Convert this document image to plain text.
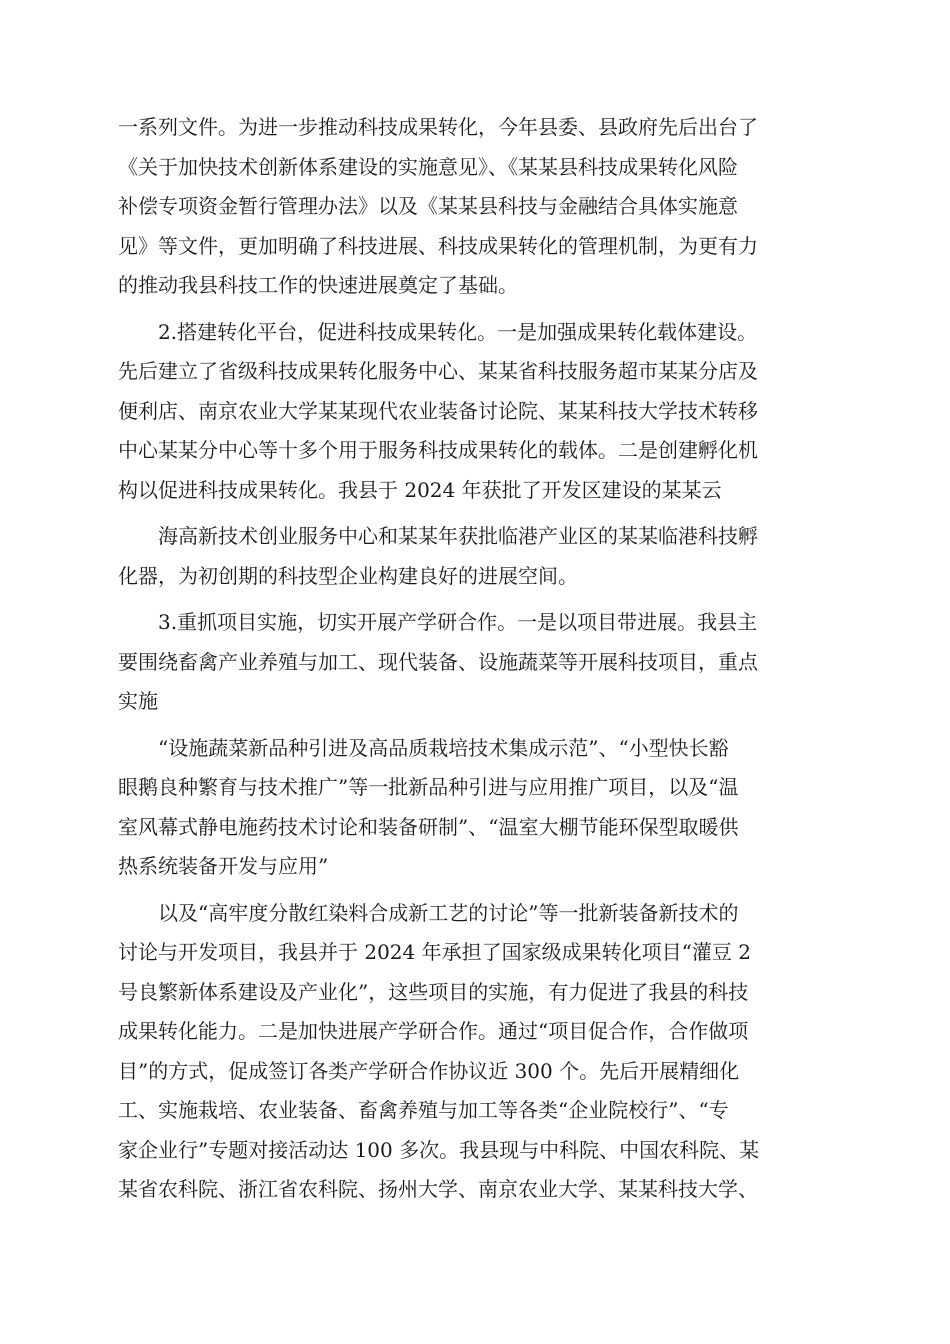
一系列文件。为进一步推动科技成果转化，今年县委、县政府先后出台了
《关于加快技术创新体系建设的实施意见》、《某某县科技成果转化风险
补偿专项资金暂行管理办法》以及《某某县科技与金融结合具体实施意
见》等文件，更加明确了科技进展、科技成果转化的管理机制，为更有力
的推动我县科技工作的快速进展奠定了基础。

2.搭建转化平台，促进科技成果转化。一是加强成果转化载体建设。
先后建立了省级科技成果转化服务中心、某某省科技服务超市某某分店及
便利店、南京农业大学某某现代农业装备讨论院、某某科技大学技术转移
中心某某分中心等十多个用于服务科技成果转化的载体。二是创建孵化机
构以促进科技成果转化。我县于 2024 年获批了开发区建设的某某云

海高新技术创业服务中心和某某年获批临港产业区的某某临港科技孵
化器，为初创期的科技型企业构建良好的进展空间。

3.重抓项目实施，切实开展产学研合作。一是以项目带进展。我县主
要围绕畜禽产业养殖与加工、现代装备、设施蔬菜等开展科技项目，重点
实施

“设施蔬菜新品种引进及高品质栽培技术集成示范”、“小型快长豁
眼鹅良种繁育与技术推广”等一批新品种引进与应用推广项目，以及“温
室风幕式静电施药技术讨论和装备研制”、“温室大棚节能环保型取暖供
热系统装备开发与应用”

以及“高牢度分散红染料合成新工艺的讨论”等一批新装备新技术的
讨论与开发项目，我县并于 2024 年承担了国家级成果转化项目“灌豆 2
号良繁新体系建设及产业化”，这些项目的实施，有力促进了我县的科技
成果转化能力。二是加快进展产学研合作。通过“项目促合作，合作做项
目”的方式，促成签订各类产学研合作协议近 300 个。先后开展精细化
工、实施栽培、农业装备、畜禽养殖与加工等各类“企业院校行”、“专
家企业行”专题对接活动达 100 多次。我县现与中科院、中国农科院、某
某省农科院、浙江省农科院、扬州大学、南京农业大学、某某科技大学、
